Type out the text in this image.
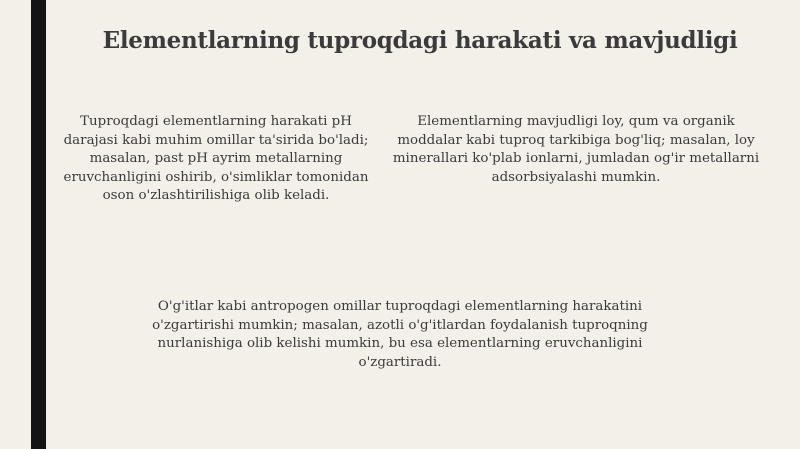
Elementlarning tuproqdagi harakati va mavjudligi
Tuproqdagi elementlarning harakati pH darajasi kabi muhim omillar ta'sirida bo'ladi; masalan, past pH ayrim metallarning eruvchanligini oshirib, o'simliklar tomonidan oson o'zlashtirilishiga olib keladi.
Elementlarning mavjudligi loy, qum va organik moddalar kabi tuproq tarkibiga bog'liq; masalan, loy minerallari ko'plab ionlarni, jumladan og'ir metallarni adsorbsiyalashi mumkin.
O'g'itlar kabi antropogen omillar tuproqdagi elementlarning harakatini o'zgartirishi mumkin; masalan, azotli o'g'itlardan foydalanish tuproqning nurlanishiga olib kelishi mumkin, bu esa elementlarning eruvchanligini o'zgartiradi.
